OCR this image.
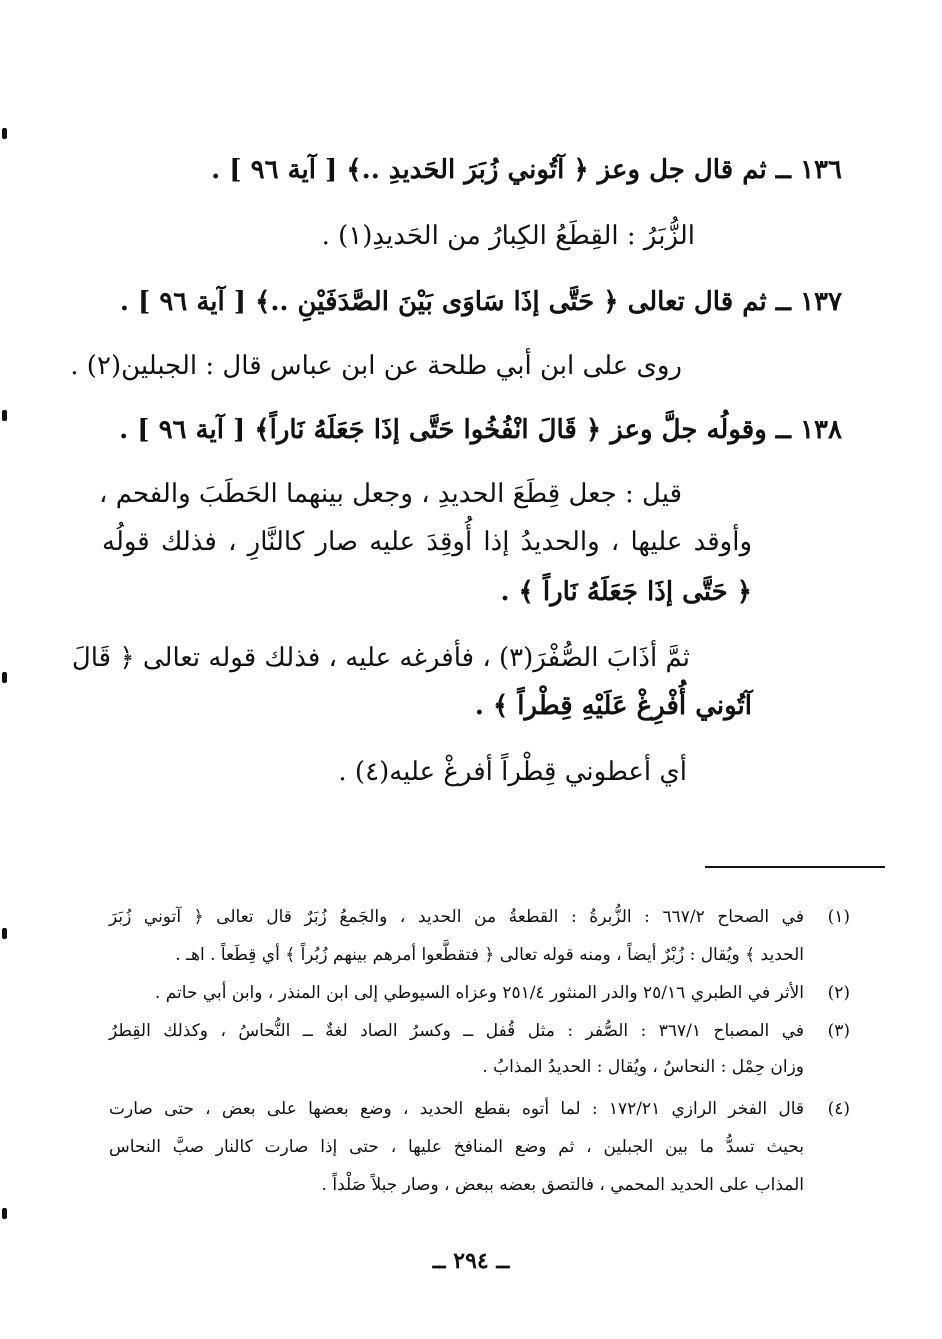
١٣٦ ــ ثم قال جل وعز ﴿ آتُوني زُبَرَ الحَديدِ ..﴾ [ آية ٩٦ ] .
الزُّبَرُ : القِطَعُ الكِبارُ من الحَديدِ(١) .
١٣٧ ــ ثم قال تعالى ﴿ حَتَّى إذَا سَاوَى بَيْنَ الصَّدَفَيْنِ ..﴾ [ آية ٩٦ ] .
روى على ابن أبي طلحة عن ابن عباس قال : الجبلين(٢) .
١٣٨ ــ وقولُه جلَّ وعز ﴿ قَالَ انْفُخُوا حَتَّى إذَا جَعَلَهُ نَاراً﴾ [ آية ٩٦ ] .
قيل : جعل قِطَعَ الحديدِ ، وجعل بينهما الحَطَبَ والفحم ،
وأوقد عليها ، والحديدُ إذا أُوقِدَ عليه صار كالنَّارِ ، فذلك قولُه
﴿ حَتَّى إذَا جَعَلَهُ نَاراً ﴾ .
ثمَّ أذَابَ الصُّفْرَ(٣) ، فأفرغه عليه ، فذلك قوله تعالى ﴿ قَالَ
آتُوني أُفْرِغْ عَلَيْهِ قِطْراً ﴾ .
أي أعطوني قِطْراً أفرغْ عليه(٤) .
(١)
في الصحاح ٦٦٧/٢ : الزُّبرةُ : القطعةُ من الحديد ، والجَمعُ زُبَرٌ قال تعالى ﴿ آتوني زُبَرَ
الحديد ﴾ ويُقال : زُبْرٌ أيضاً ، ومنه قوله تعالى ﴿ فتقطَّعوا أمرهم بينهم زُبُراً ﴾ أي قِطَعاً . اهـ .
(٢)
الأثر في الطبري ٢٥/١٦ والدر المنثور ٢٥١/٤ وعزاه السيوطي إلى ابن المنذر ، وابن أبي حاتم .
(٣)
في المصباح ٣٦٧/١ : الصُّفر : مثل قُفل ــ وكسرُ الصاد لغةٌ ــ النُّحاسُ ، وكذلك القِطرُ
وزان حِمْل : النحاسُ ، ويُقال : الحديدُ المذابُ .
(٤)
قال الفخر الرازي ١٧٢/٢١ : لما أتوه بقطع الحديد ، وضع بعضها على بعض ، حتى صارت
بحيث تسدُّ ما بين الجبلين ، ثم وضع المنافخ عليها ، حتى إذا صارت كالنار صبَّ النحاس
المذاب على الحديد المحمي ، فالتصق بعضه ببعض ، وصار جبلاً صَلْداً .
ــ ٢٩٤ ــ
